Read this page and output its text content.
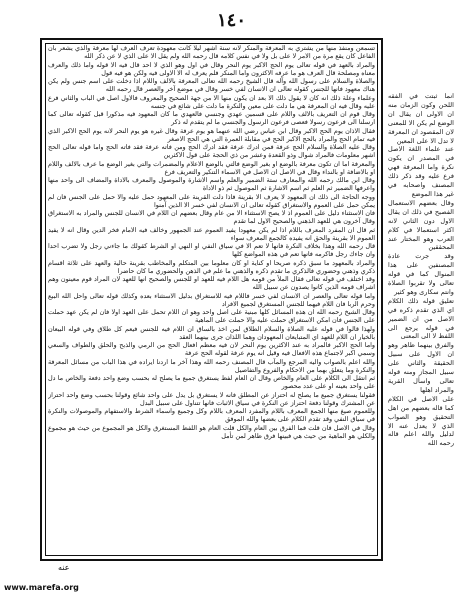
١٤٠

تسمعن ومنفذ منها من يشتري به المعرفة والمنكر لانه سنة اشهر ليلا كانت معهودة تعرف العرف لها معرفة والذي يشعر بان الفاعل كان يقع مرة من الامر لا على بل ولا في نفس كلامه قال رحمه الله ولم يقل الا على الذي لا عن ذكر الله

والمراد بالعهد في قوله تعالى يوم الحج الاكبر يوم النحر وقال في اول وهو الذي لا احد قال فيه الا قوله واما ذلك والعرف معناه ومصلحة قال العرف هو ما عرفه الاكثرون واما المنكر فلم يعرف له الا الاولى فيه ولكن هو فيه قول

والصلاة والسلام على رسول الله وآله قال الشيخ رحمه الله تعالى المعرفة بالالف واللام اذا دخلت على اسم جنس ولم يكن هناك معهود فانها للجنس كقوله تعالى ان الانسان لفي خسر وقال في موضع آخر والعصر قال رحمه الله

وعلماء وعلة ذلك انه كان لا يقول ذلك الا بعد ان يكون منها الا من جهة الصحيح والمعروف فالاول اصل في الباب والثاني فرع عليه وقال فيه ان المعرفة هي ما دلت على معين والنكرة ما دلت على شائع في جنسه

وقال قوم ان التعريف بالالف واللام على قسمين عهدي وجنسي فالعهدي ما كان المعهود فيه مذكورا قبل كقوله تعالى كما ارسلنا الى فرعون رسولا فعصى فرعون الرسول والجنسي ما لم يتقدم له ذكر

فقال الاذان يوم الحج الاكبر وقال ابن عباس رضي الله عنهما هو يوم عرفة وقال غيره هو يوم النحر لانه يوم الحج الاكبر الذي فيه تمام الحج والمراد بالحج الاكبر الحج في مقابلة العمرة التي هي الحج الاصغر

وقال عليه الصلاة والسلام الحج عرفة فمن ادرك عرفة فقد ادرك الحج ومن فاته عرفة فقد فاته الحج واما قوله تعالى الحج اشهر معلومات فالمراد شوال وذو القعدة وعشر من ذي الحجة على قول الاكثرين

والمعرفة اما ان تكون معرفة بالوضع او بغير الوضع فالتي بالوضع الاعلام والمضمرات والتي بغير الوضع ما عرف بالالف واللام او بالاضافة او بالنداء وقال في الاصل ان الاصل في الاسماء التنكير والتعريف فرع

وقال ابن مالك رحمه الله والمعارف ستة الضمير والعلم واسم الاشارة والموصول والمعرف بالاداة والمضاف الى واحد منها واعرفها الضمير ثم العلم ثم اسم الاشارة ثم الموصول ثم ذو الاداة

ووجه الحاجة الى ذلك ان المعهود لا يعرف الا بقرينة فاذا دلت القرينة على المعهود حمل عليه والا حمل على الجنس فان لم يمكن حمل على العموم والاستغراق كقوله تعالى ان الانسان لفي خسر الا الذين آمنوا

فان الاستثناء دليل على العموم اذ لا يصح الاستثناء الا من عام وقال بعضهم ان اللام في الانسان للجنس والمراد به الاستغراق وقال آخرون هي للعهد الذهني والصحيح الاول لما تقدم

ثم قال ان المفرد المعرف باللام اذا لم يكن معهودا يفيد العموم عند الجمهور وخالف فيه الامام فخر الدين وقال انه لا يفيد العموم الا بقرينة والحق انه يفيده كالجمع المعرف سواء

قال رحمه الله وهذا بخلاف النكرة فانها لا تعم الا في سياق النفي او النهي او الشرط كقولك ما جاءني رجل ولا تضرب احدا وان جاءك رجل فاكرمه فانها تعم في هذه المواضع كلها

والمراد بالمعهود ما سبق ذكره صريحا او كناية او كان معلوما بين المتكلم والمخاطب بقرينة حالية والعهد على ثلاثة اقسام ذكري وذهني وحضوري فالذكري ما تقدم ذكره والذهني ما علم في الذهن والحضوري ما كان حاضرا

وقد اختلف في قوله تعالى فقال الملأ من قومه هل اللام فيه للعهد او للجنس والصحيح انها للعهد لان المراد قوم معينون وهم اشراف قومه الذين كانوا يصدون عن سبيل الله

واما قوله تعالى والعصر ان الانسان لفي خسر فاللام فيه للاستغراق بدليل الاستثناء بعده وكذلك قوله تعالى واحل الله البيع وحرم الربا فان اللام فيهما للجنس المستغرق لجميع الافراد

وقال الشيخ رحمه الله ان هذه المسائل كلها مبنية على اصل واحد وهو ان اللام تحمل على العهد اولا فان لم يكن عهد حملت على الجنس فان امكن الاستغراق حملت عليه والا حملت على الماهية

ولهذا قالوا في قوله عليه الصلاة والسلام الطلاق لمن اخذ بالساق ان اللام فيه للجنس فيعم كل طلاق وفي قوله البيعان بالخيار ان اللام للعهد اي المتبايعان المعهودان وهما اللذان جرى بينهما العقد

واما الحج الاكبر فالمراد به عند الاكثرين يوم النحر لان فيه معظم افعال الحج من الرمي والذبح والحلق والطواف والسعي وسمي اكبر لاجتماع هذه الافعال فيه وقيل انه يوم عرفة لقوله الحج عرفة

والله اعلم بالصواب واليه المرجع والمآب قال المصنف رحمه الله وهذا آخر ما اردنا ايراده في هذا الباب من مسائل المعرفة والنكرة وما يتعلق بهما من الاحكام والفروع والتفاصيل

ثم انتقل الى الكلام على العام والخاص وقال ان العام لفظ يستغرق جميع ما يصلح له بحسب وضع واحد دفعة والخاص ما دل على واحد بعينه او على عدد محصور

فقولنا يستغرق جميع ما يصلح له احتراز عن المطلق فانه لا يستغرق بل يدل على واحد شائع وقولنا بحسب وضع واحد احتراز عن المشترك وقولنا دفعة احتراز عن النكرة في سياق الاثبات فانها تتناول على سبيل البدل

وللعموم صيغ منها الجمع المعرف باللام والمفرد المعرف باللام وكل وجميع واسماء الشرط والاستفهام والموصولات والنكرة في سياق النفي وقد تقدم الكلام على بعضها والله الموفق

وقال في الاصل فان قلت فما الفرق بين العام والكل قلت العام هو اللفظ المستغرق والكل هو المجموع من حيث هو مجموع والكلي هو الماهية من حيث هي فبينها فرق ظاهر لمن تأمل

انما ثبتت في الفقه اللحن وكون الزمان منه ان الاولى ان يقال ان الوضع لم يكن الا للمعنى لان المقصود ان المعرفة لا تدل الا على المعين

عند علماء اللغة الاصل في المصدر ان يكون نكرة واما المعرفة فهي فرع عليه وقد ذكر ذلك المصنف واصحابه في غير هذا الموضع

وقال بعضهم الاستعمال الفصيح في ذلك ان يقال الاول دون الثاني لانه اكثر استعمالا في كلام العرب وهو المختار عند المحققين

وقد جرت عادة المصنفين على هذا المنوال كما في قوله تعالى ولا تقربوا الصلاة وانتم سكارى وهو كثير

تعليق قوله ذلك الكلام اي الذي تقدم ذكره في الاصل من ان الضمير في قوله يرجع الى اللفظ لا الى المعنى

والفرق بينهما ظاهر وهو ان الاول على سبيل الحقيقة والثاني على سبيل المجاز ومنه قوله تعالى واسأل القرية والمراد اهلها

على الاصل في الكلام كما قاله بعضهم من اهل التحقيق وهو الصواب الذي لا يعدل عنه الا لدليل والله اعلم قاله رحمه الله

عنه
www.marefa.org
